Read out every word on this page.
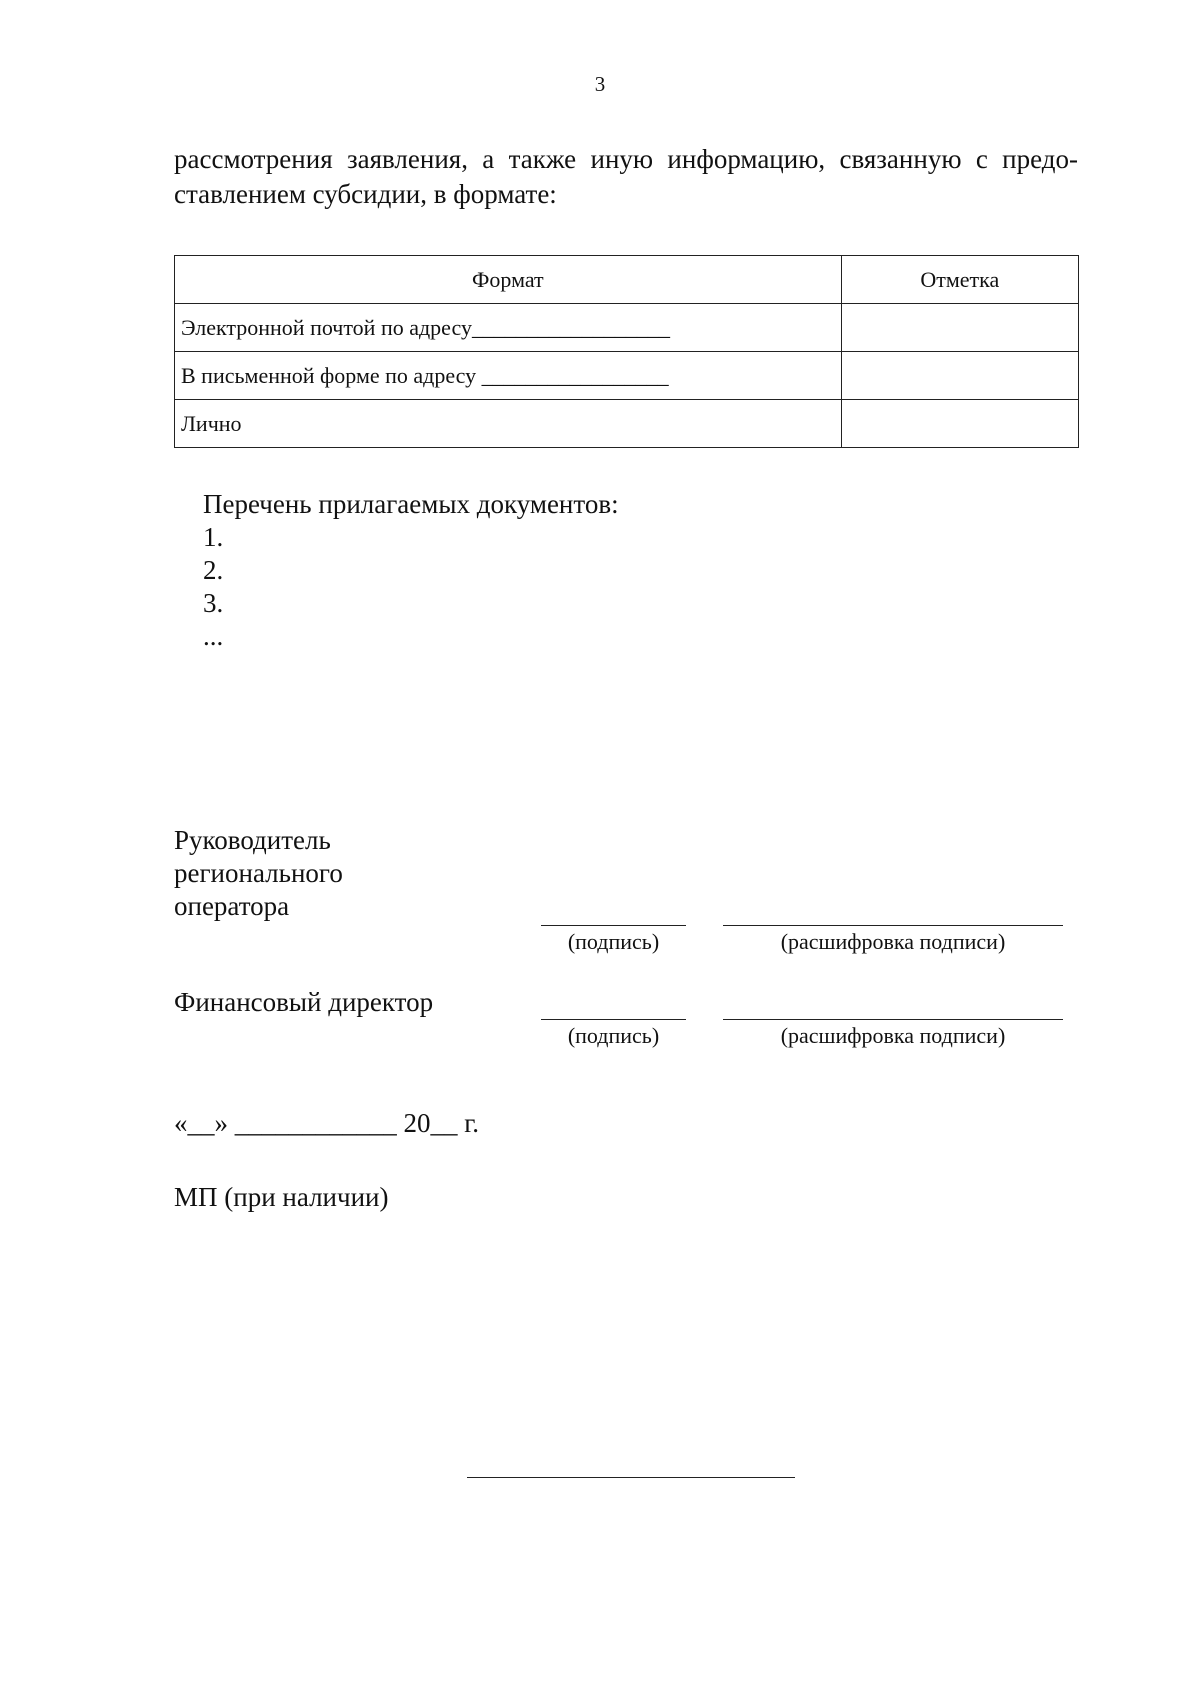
3
рассмотрения заявления, а также иную информацию, связанную с предо-
ставлением субсидии, в формате:
Формат	Отметка
Электронной почтой по адресу__________________	
В письменной форме по адресу _________________	
Лично	
Перечень прилагаемых документов:
1.
2.
3.
...
Руководитель
регионального
оператора
(подпись)	(расшифровка подписи)
Финансовый директор
(подпись)	(расшифровка подписи)
«__» ____________ 20__ г.
МП (при наличии)
